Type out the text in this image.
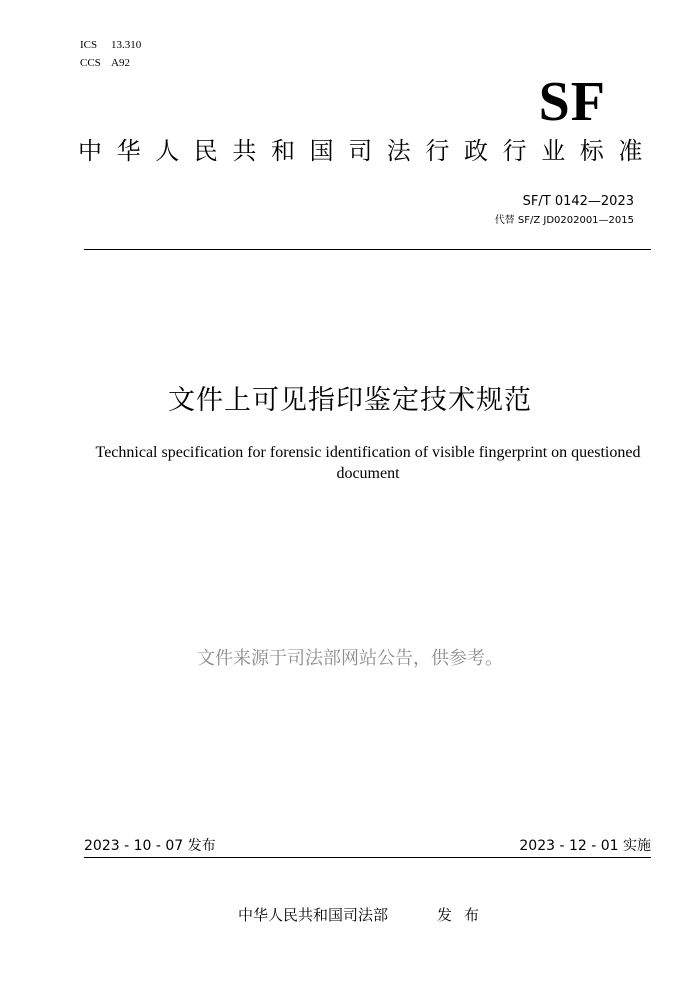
ICS 13.310
CCS A92
SF
中华人民共和国司法行政行业标准
SF/T 0142—2023
代替 SF/Z JD0202001—2015
文件上可见指印鉴定技术规范
Technical specification for forensic identification of visible fingerprint on questioned document
文件来源于司法部网站公告，供参考。
2023 - 10 - 07 发布	2023 - 12 - 01 实施
中华人民共和国司法部	发布
